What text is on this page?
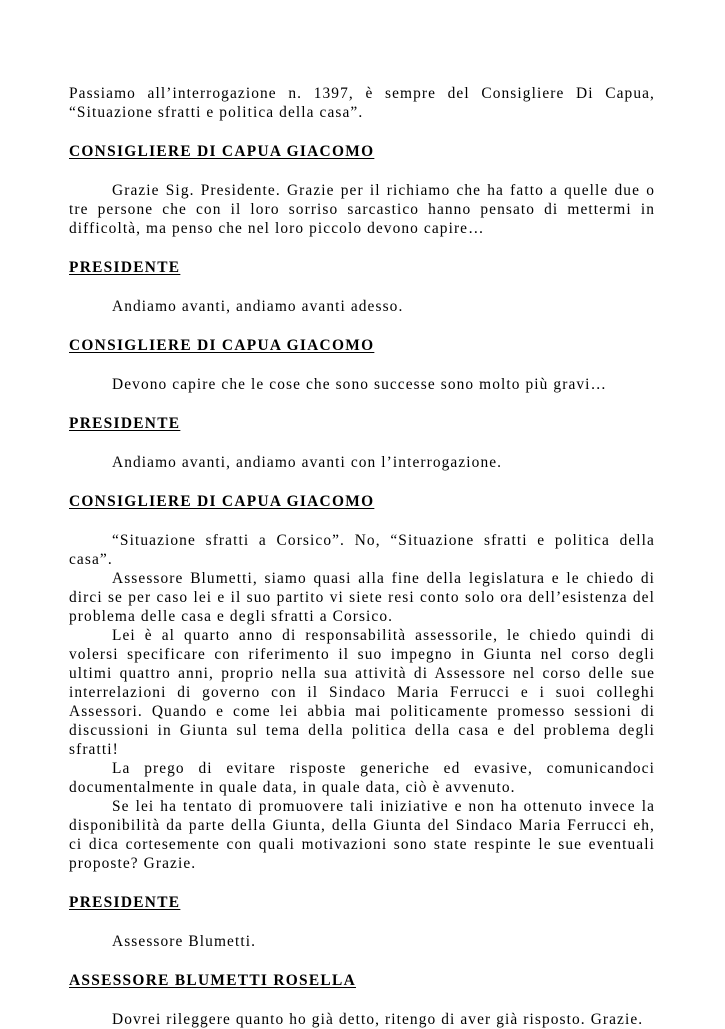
Passiamo all’interrogazione n. 1397, è sempre del Consigliere Di Capua, “Situazione sfratti e politica della casa”.

CONSIGLIERE DI CAPUA GIACOMO

Grazie Sig. Presidente. Grazie per il richiamo che ha fatto a quelle due o tre persone che con il loro sorriso sarcastico hanno pensato di mettermi in difficoltà, ma penso che nel loro piccolo devono capire…

PRESIDENTE

Andiamo avanti, andiamo avanti adesso.

CONSIGLIERE DI CAPUA GIACOMO

Devono capire che le cose che sono successe sono molto più gravi…

PRESIDENTE

Andiamo avanti, andiamo avanti con l’interrogazione.

CONSIGLIERE DI CAPUA GIACOMO

“Situazione sfratti a Corsico”. No, “Situazione sfratti e politica della casa”.

Assessore Blumetti, siamo quasi alla fine della legislatura e le chiedo di dirci se per caso lei e il suo partito vi siete resi conto solo ora dell’esistenza del problema delle casa e degli sfratti a Corsico.

Lei è al quarto anno di responsabilità assessorile, le chiedo quindi di volersi specificare con riferimento il suo impegno in Giunta nel corso degli ultimi quattro anni, proprio nella sua attività di Assessore nel corso delle sue interrelazioni di governo con il Sindaco Maria Ferrucci e i suoi colleghi Assessori. Quando e come lei abbia mai politicamente promesso sessioni di discussioni in Giunta sul tema della politica della casa e del problema degli sfratti!

La prego di evitare risposte generiche ed evasive, comunicandoci documentalmente in quale data, in quale data, ciò è avvenuto.

Se lei ha tentato di promuovere tali iniziative e non ha ottenuto invece la disponibilità da parte della Giunta, della Giunta del Sindaco Maria Ferrucci eh, ci dica cortesemente con quali motivazioni sono state respinte le sue eventuali proposte? Grazie.

PRESIDENTE

Assessore Blumetti.

ASSESSORE BLUMETTI ROSELLA

Dovrei rileggere quanto ho già detto, ritengo di aver già risposto. Grazie.
